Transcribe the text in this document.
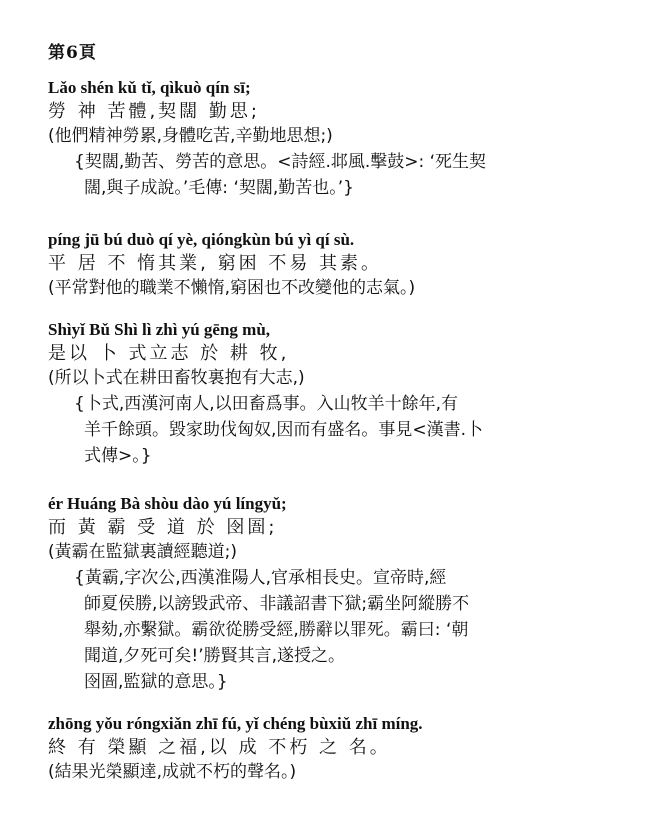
第6頁
Lǎo shén kǔ tǐ, qìkuò qín sī;
勞 神 苦體,契闊 勤思;
(他們精神勞累,身體吃苦,辛勤地思想;)
{契闊,勤苦、勞苦的意思。<詩經.邶風.擊鼓>: ‘死生契
闊,與子成說。’毛傳: ‘契闊,勤苦也。’}
píng jū bú duò qí yè, qióngkùn bú yì qí sù.
平 居 不 惰其業, 窮困 不易 其素。
(平常對他的職業不懶惰,窮困也不改變他的志氣。)
Shìyǐ Bǔ Shì lì zhì yú gēng mù,
是以 卜 式立志 於 耕 牧,
(所以卜式在耕田畜牧裏抱有大志,)
{卜式,西漢河南人,以田畜爲事。入山牧羊十餘年,有
羊千餘頭。毀家助伐匈奴,因而有盛名。事見<漢書.卜
式傳>。}
ér Huáng Bà shòu dào yú língyǔ;
而 黃 霸 受 道 於 囹圄;
(黃霸在監獄裏讀經聽道;)
{黃霸,字次公,西漢淮陽人,官承相長史。宣帝時,經
師夏侯勝,以謗毀武帝、非議詔書下獄;霸坐阿縱勝不
舉劾,亦繫獄。霸欲從勝受經,勝辭以罪死。霸曰: ‘朝
聞道,夕死可矣!’勝賢其言,遂授之。
囹圄,監獄的意思。}
zhōng yǒu róngxiǎn zhī fú, yǐ chéng bùxiǔ zhī míng.
終 有 榮顯 之福,以 成 不朽 之 名。
(結果光榮顯達,成就不朽的聲名。)
